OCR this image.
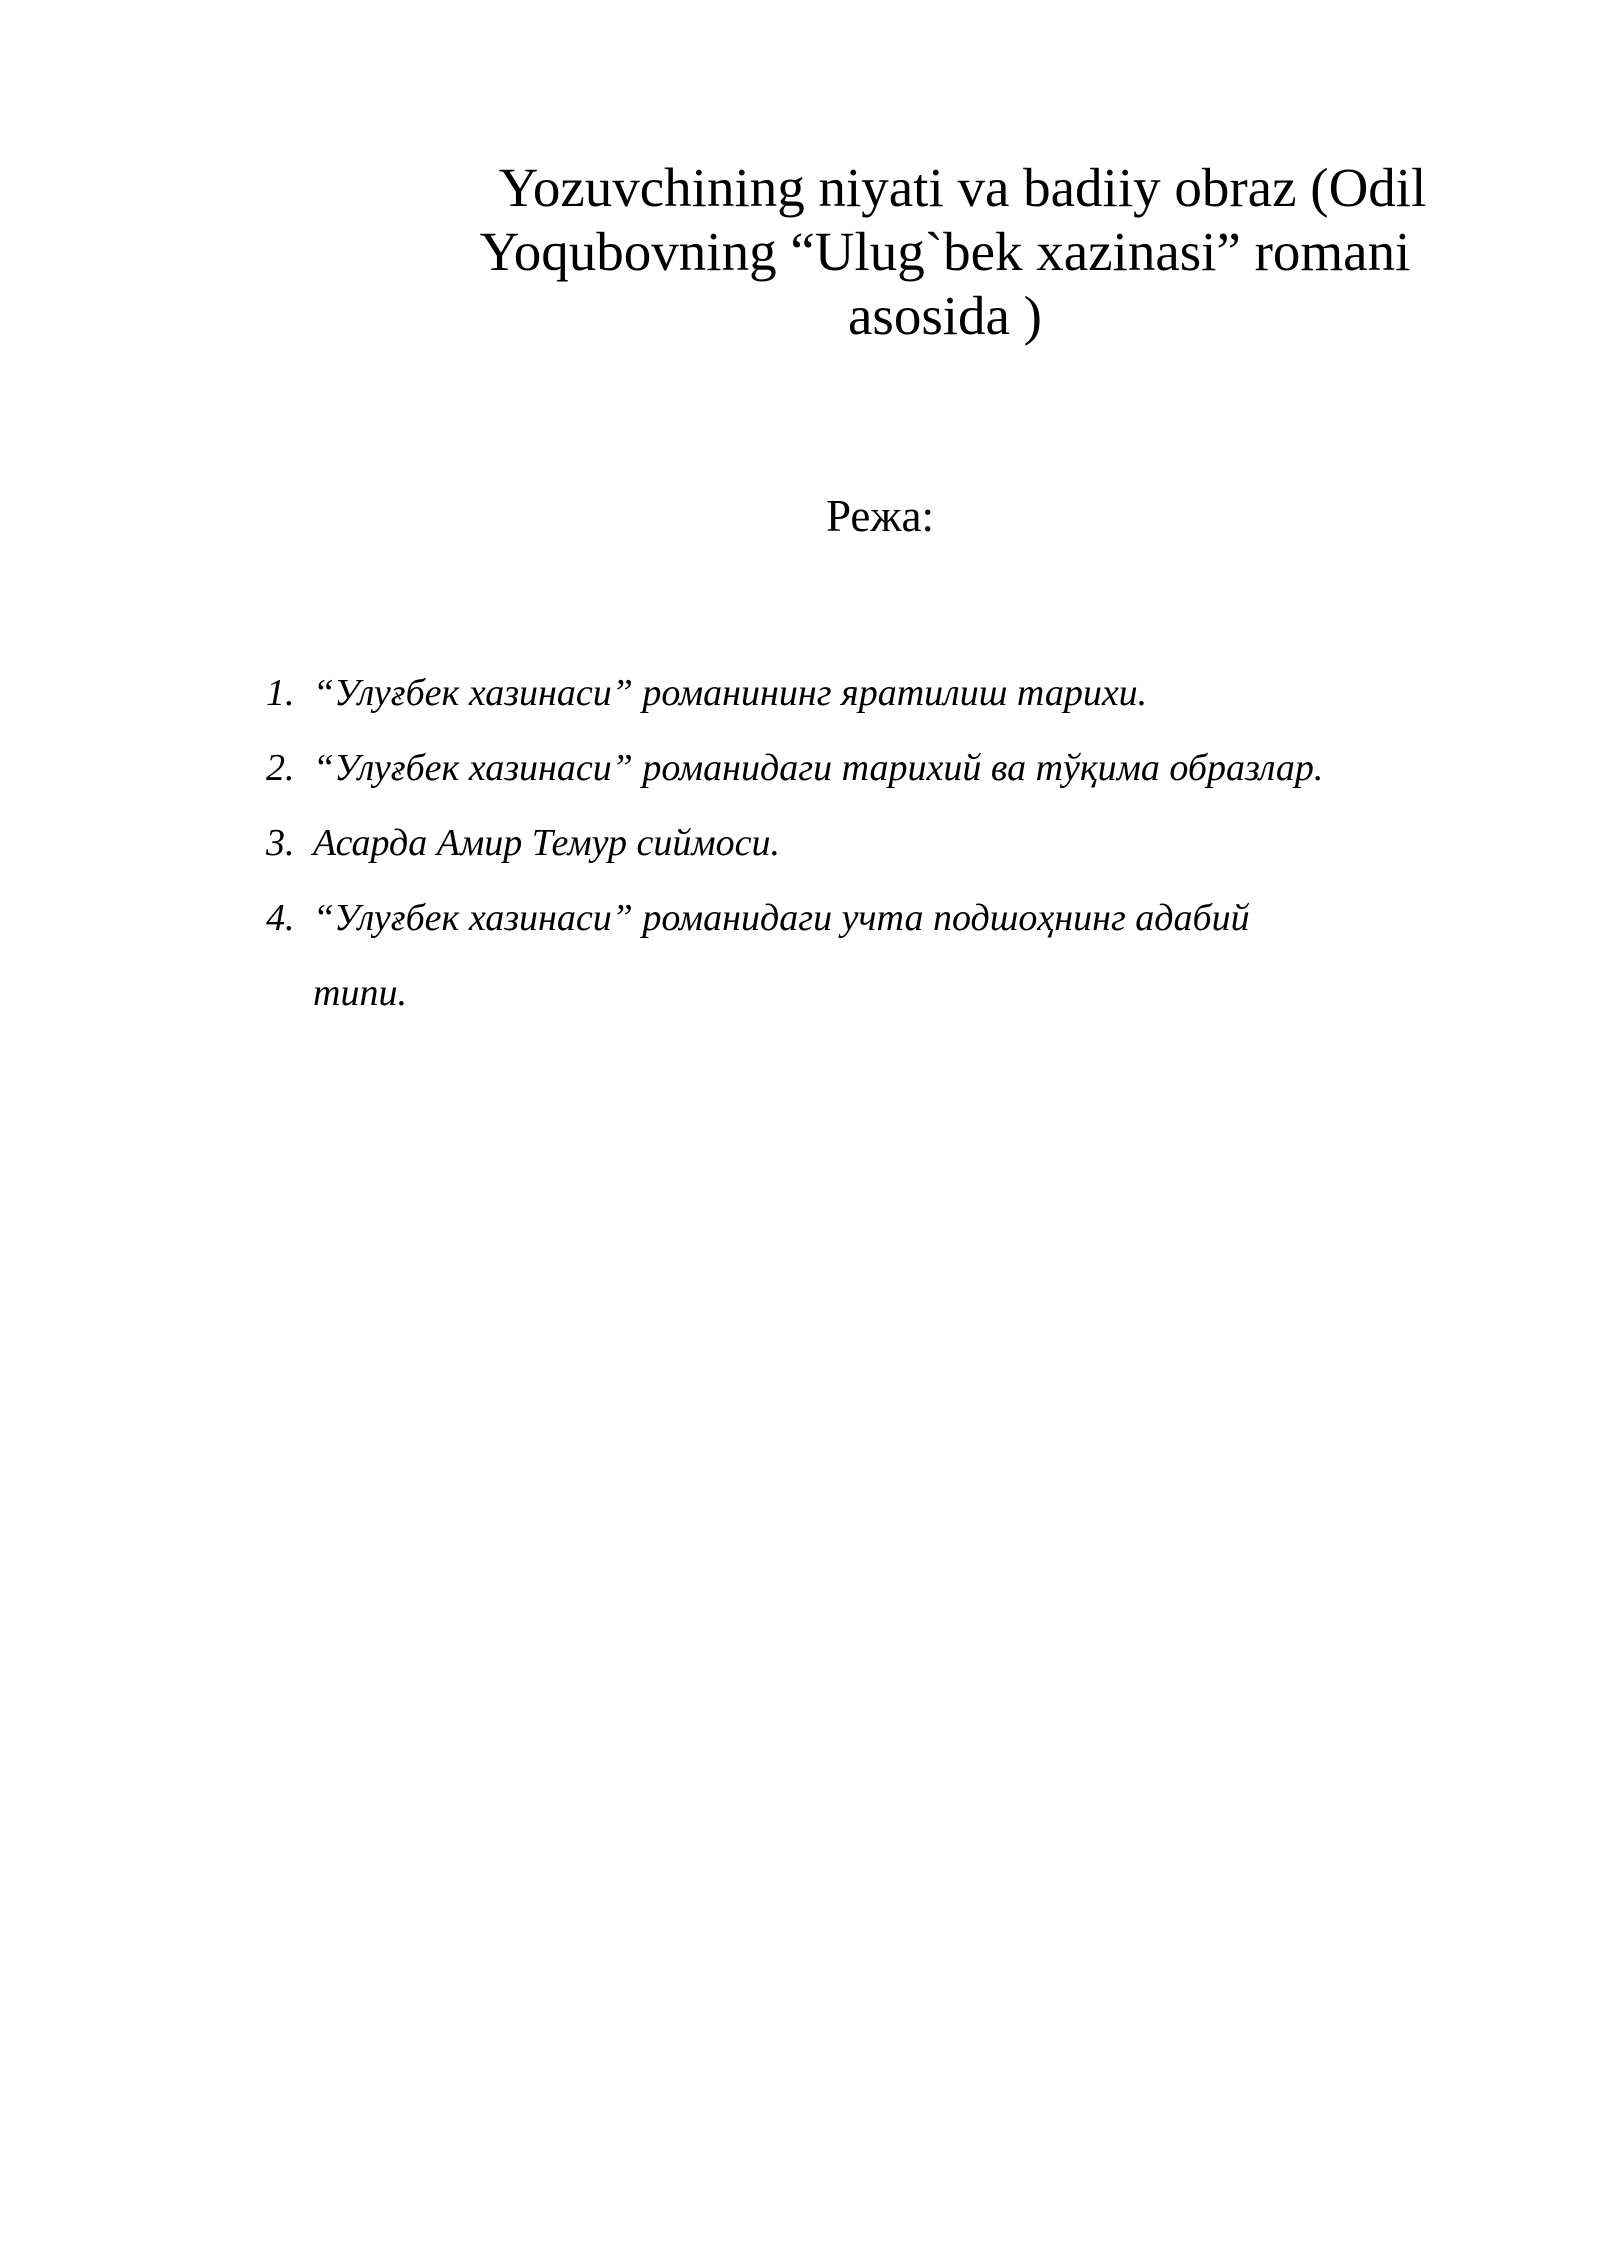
Yozuvchining niyati va badiiy obraz (Odil
Yoqubovning “Ulug`bek xazinasi” romani
asosida )
Режа:
1. “Улуғбек хазинаси” романининг яратилиш тарихи.
2. “Улуғбек хазинаси” романидаги тарихий ва тўқима образлар.
3. Асарда Амир Темур сиймоси.
4. “Улуғбек хазинаси” романидаги учта подшоҳнинг адабий
типи.
